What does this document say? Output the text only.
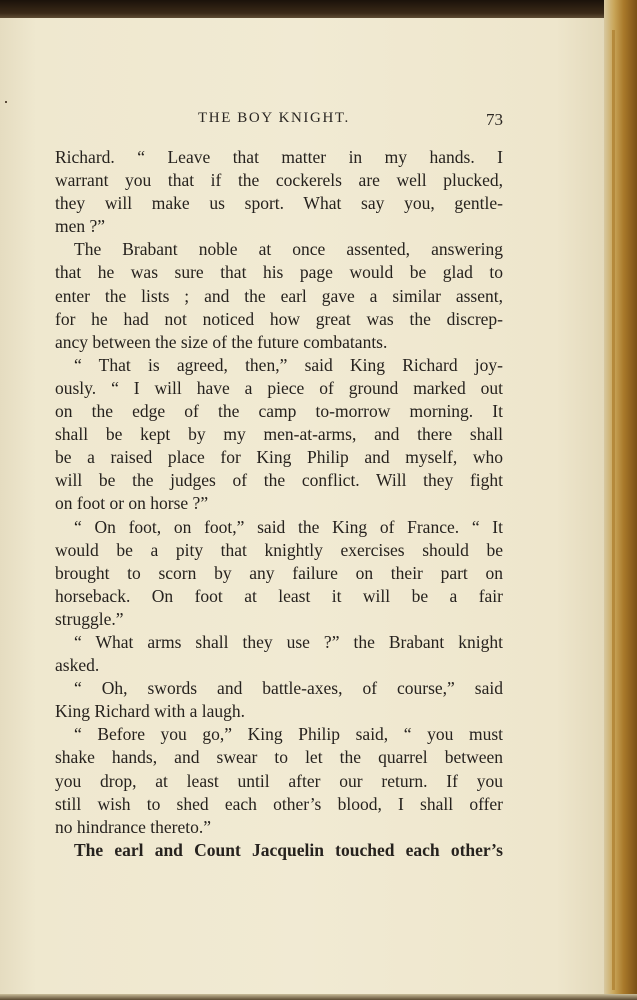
THE BOY KNIGHT.	73
Richard. “ Leave that matter in my hands. I
warrant you that if the cockerels are well plucked,
they will make us sport. What say you, gentle-
men ?”
The Brabant noble at once assented, answering
that he was sure that his page would be glad to
enter the lists ; and the earl gave a similar assent,
for he had not noticed how great was the discrep-
ancy between the size of the future combatants.
“ That is agreed, then,” said King Richard joy-
ously. “ I will have a piece of ground marked out
on the edge of the camp to-morrow morning. It
shall be kept by my men-at-arms, and there shall
be a raised place for King Philip and myself, who
will be the judges of the conflict. Will they fight
on foot or on horse ?”
“ On foot, on foot,” said the King of France. “ It
would be a pity that knightly exercises should be
brought to scorn by any failure on their part on
horseback. On foot at least it will be a fair
struggle.”
“ What arms shall they use ?” the Brabant knight
asked.
“ Oh, swords and battle-axes, of course,” said
King Richard with a laugh.
“ Before you go,” King Philip said, “ you must
shake hands, and swear to let the quarrel between
you drop, at least until after our return. If you
still wish to shed each other’s blood, I shall offer
no hindrance thereto.”
The earl and Count Jacquelin touched each other’s
